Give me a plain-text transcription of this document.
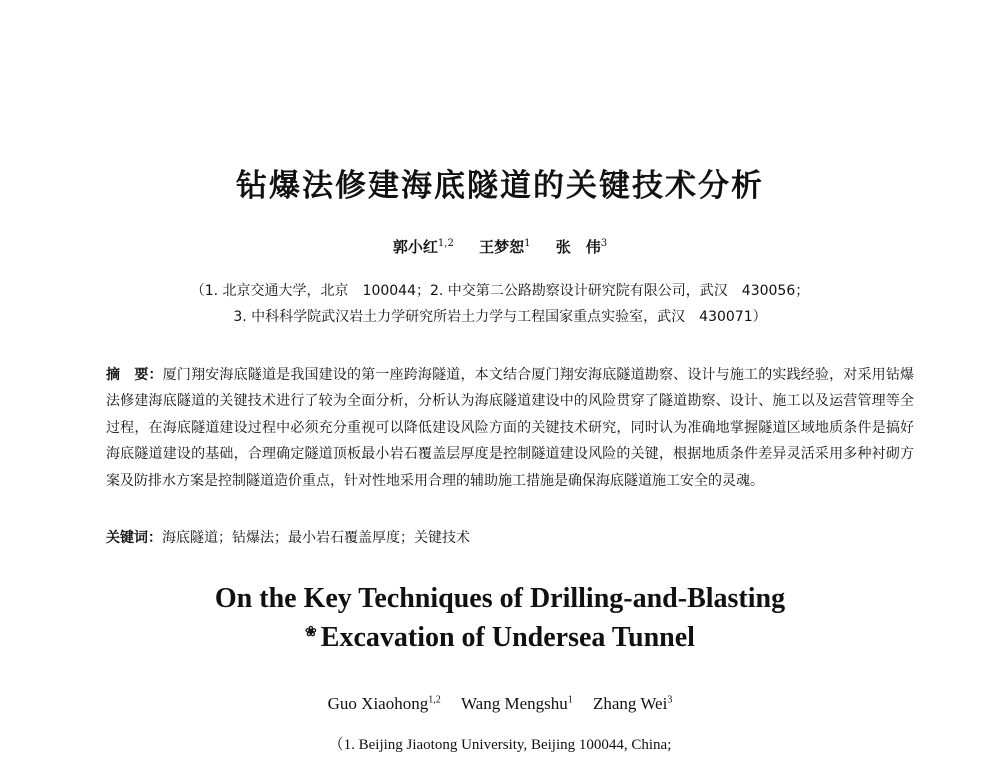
钻爆法修建海底隧道的关键技术分析
郭小红$^{1,2}$ 王梦恕$^1$ 张　伟$^3$
（1. 北京交通大学，北京　100044；2. 中交第二公路勘察设计研究院有限公司，武汉　430056；
3. 中科科学院武汉岩土力学研究所岩土力学与工程国家重点实验室，武汉　430071）
摘　要：厦门翔安海底隧道是我国建设的第一座跨海隧道，本文结合厦门翔安海底隧道勘察、设计与施工的实践经验，对采用钻爆法修建海底隧道的关键技术进行了较为全面分析，分析认为海底隧道建设中的风险贯穿了隧道勘察、设计、施工以及运营管理等全过程，在海底隧道建设过程中必须充分重视可以降低建设风险方面的关键技术研究，同时认为准确地掌握隧道区域地质条件是搞好海底隧道建设的基础，合理确定隧道顶板最小岩石覆盖层厚度是控制隧道建设风险的关键，根据地质条件差异灵活采用多种衬砌方案及防排水方案是控制隧道造价重点，针对性地采用合理的辅助施工措施是确保海底隧道施工安全的灵魂。
关键词：海底隧道；钻爆法；最小岩石覆盖厚度；关键技术
On the Key Techniques of Drilling-and-Blasting
❀ Excavation of Undersea Tunnel
Guo Xiaohong$^{1,2}$ Wang Mengshu$^1$ Zhang Wei$^3$
（1. Beijing Jiaotong University, Beijing 100044, China;
